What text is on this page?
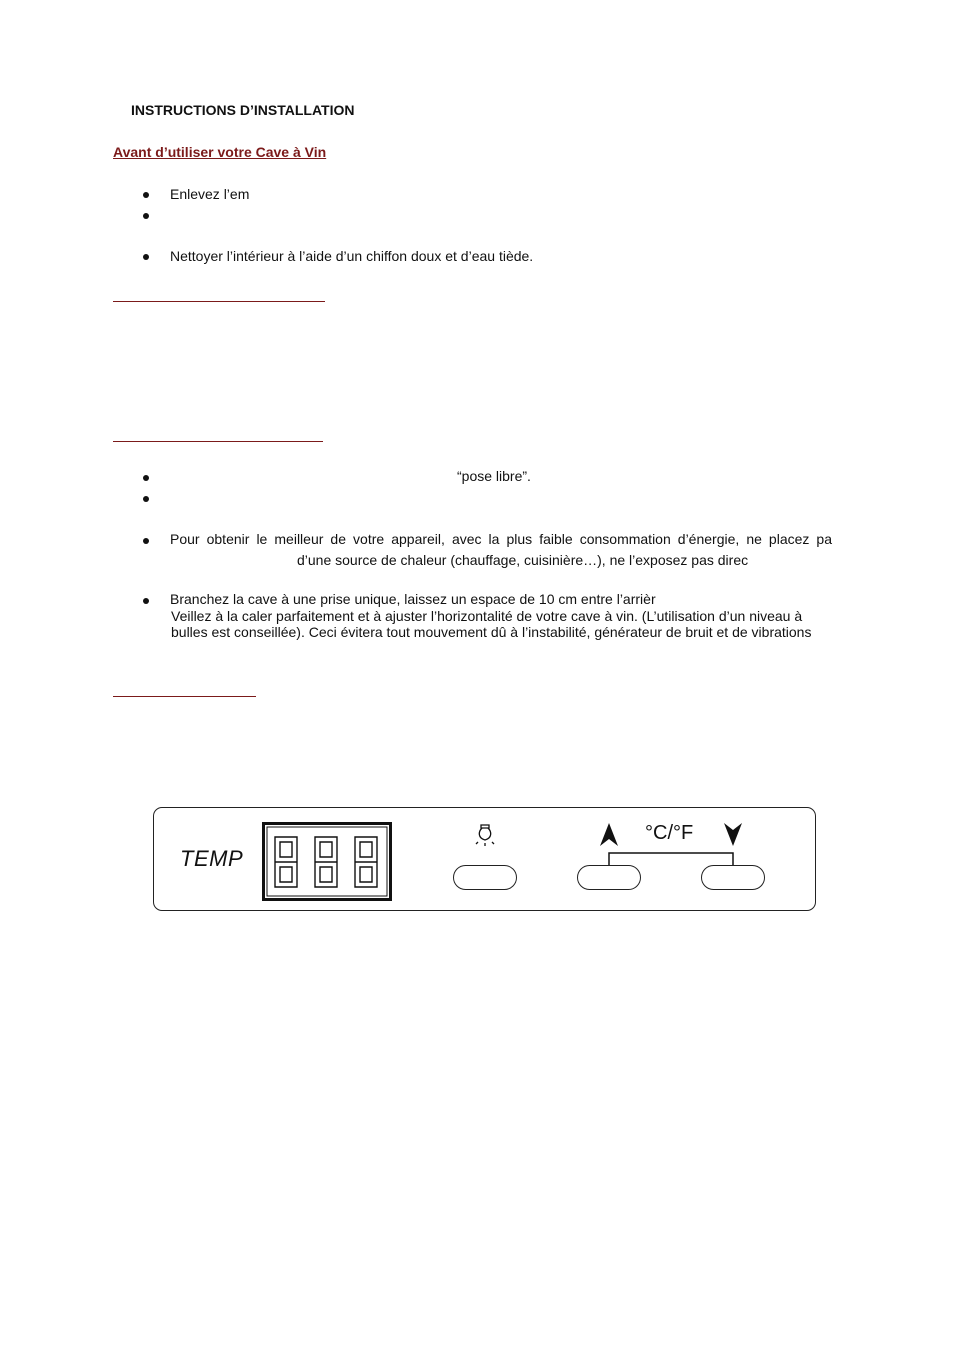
INSTRUCTIONS D’INSTALLATION
Avant d’utiliser votre Cave à Vin
Enlevez l’em
Nettoyer l’intérieur à l’aide d’un chiffon doux et d’eau tiède.
“pose libre”.
Pour obtenir le meilleur de votre appareil, avec la plus faible consommation d’énergie, ne placez pa
d’une source de chaleur (chauffage, cuisinière…), ne l’exposez pas direc
Branchez la cave à une prise unique, laissez un espace de 10 cm entre l’arrièr
Veillez à la caler parfaitement et à ajuster l’horizontalité de votre cave à vin. (L’utilisation d’un niveau à
bulles est conseillée). Ceci évitera tout mouvement dû à l’instabilité, générateur de bruit et de vibrations
TEMP
°C/°F
